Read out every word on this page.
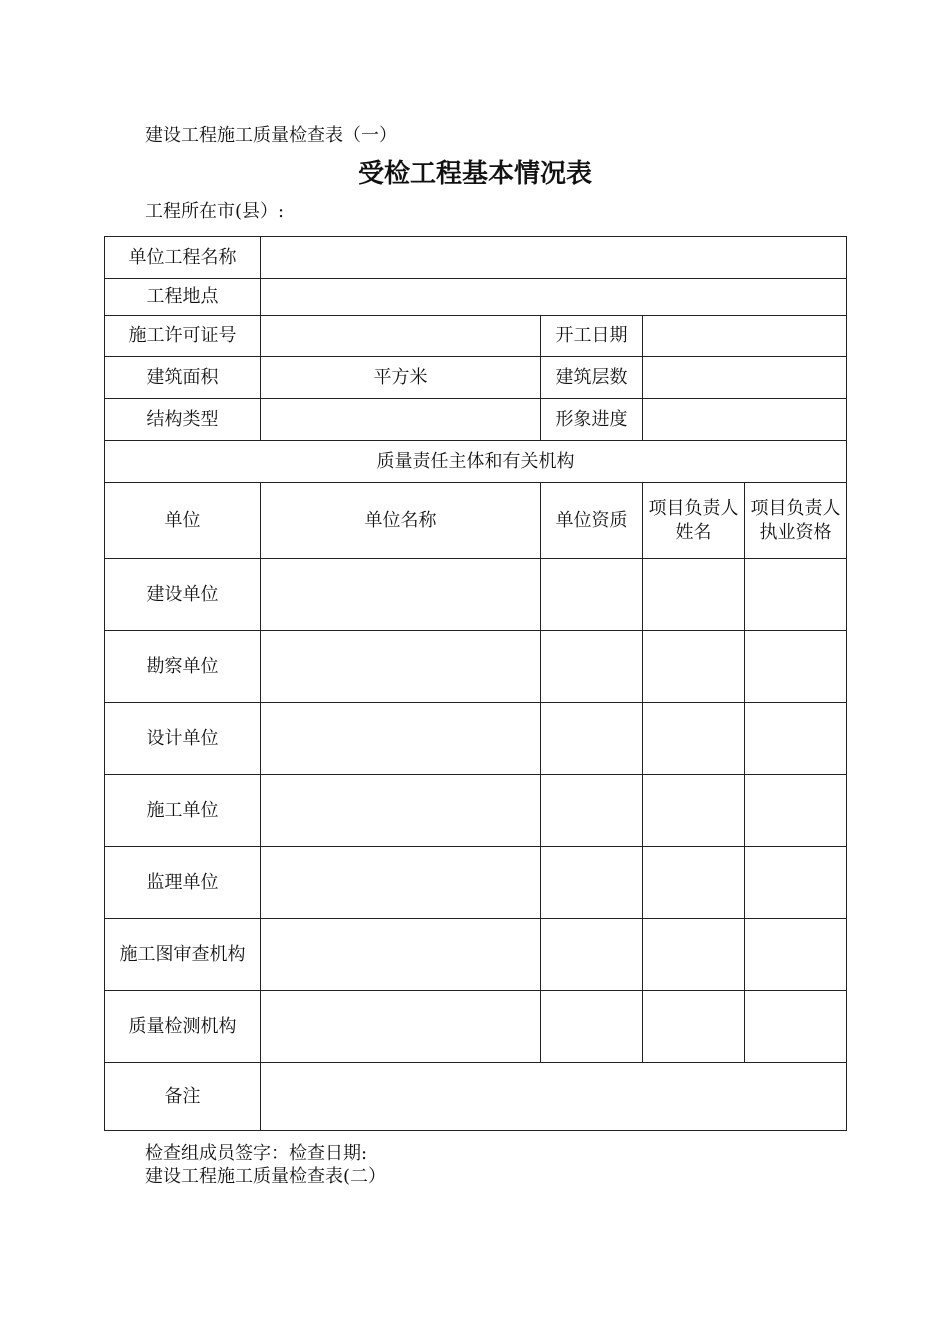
建设工程施工质量检查表（一）
受检工程基本情况表
工程所在市(县）:
单位工程名称				
工程地点				
施工许可证号		开工日期		
建筑面积	平方米	建筑层数		
结构类型		形象进度		
质量责任主体和有关机构				
单位	单位名称	单位资质	项目负责人姓名	项目负责人执业资格
建设单位				
勘察单位				
设计单位				
施工单位				
监理单位				
施工图审查机构				
质量检测机构				
备注				
检查组成员签字：检查日期:
建设工程施工质量检查表(二）
